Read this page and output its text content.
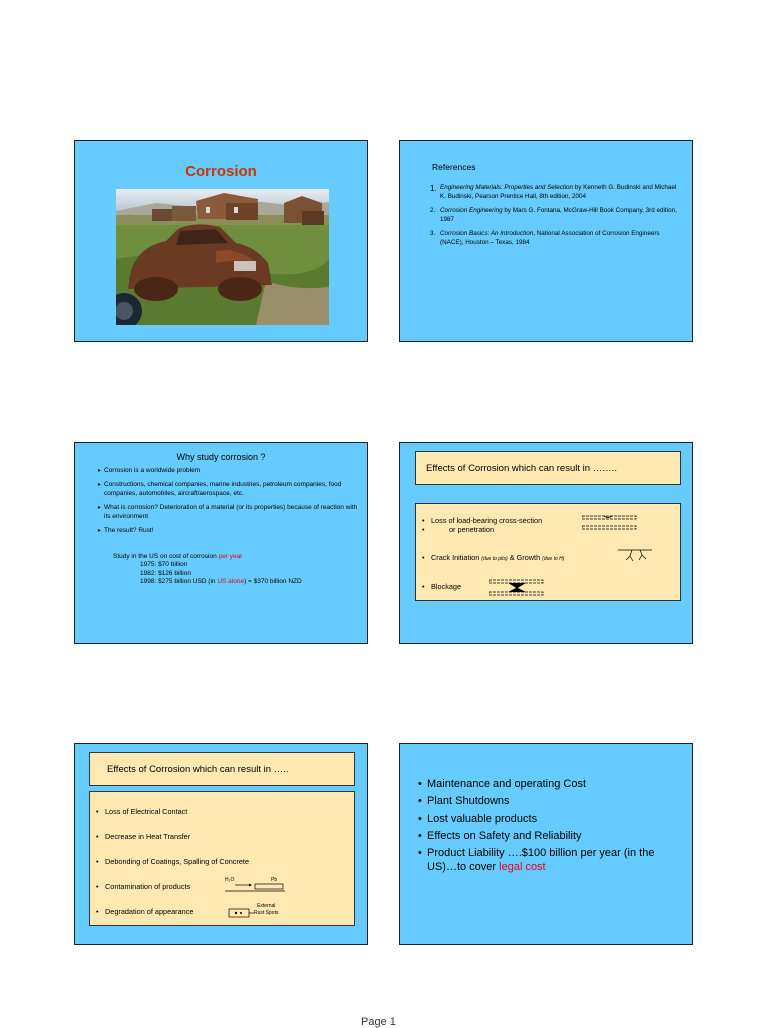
Corrosion	References
1. Engineering Materials: Properties and Selection by Kenneth G. Budinski and Michael K. Budinski, Pearson Prentice Hall, 8th edition, 2004
2. Corrosion Engineering by Mars G. Fontana, McGraw-Hill Book Company, 3rd edition, 1987
3. Corrosion Basics: An Introduction, National Association of Corrosion Engineers (NACE), Houston – Texas, 1984
Why study corrosion ?
➤ Corrosion is a worldwide problem
➤ Constructions, chemical companies, marine industries, petroleum companies, food companies, automobiles, aircraft/aerospace, etc.
➤ What is corrosion? Deterioration of a material (or its properties) because of reaction with its environment
➤ The result? Rust!
Study in the US on cost of corrosion per year
1975: $70 billion
1982: $126 billion
1998: $275 billion USD (in US alone) = $370 billion NZD
Effects of Corrosion which can result in ……..
• Loss of load-bearing cross-section
•	or penetration
• Crack Initiation (due to pits) & Growth (due to H)
• Blockage
Effects of Corrosion which can result in …..
• Loss of Electrical Contact
• Decrease in Heat Transfer
• Debonding of Coatings, Spalling of Concrete
• Contamination of products
H₂O	Pb
• Degradation of appearance
External
Rust Spots
• Maintenance and operating Cost
• Plant Shutdowns
• Lost valuable products
• Effects on Safety and Reliability
• Product Liability ….$100 billion per year (in the US)…to cover legal cost
Page 1
